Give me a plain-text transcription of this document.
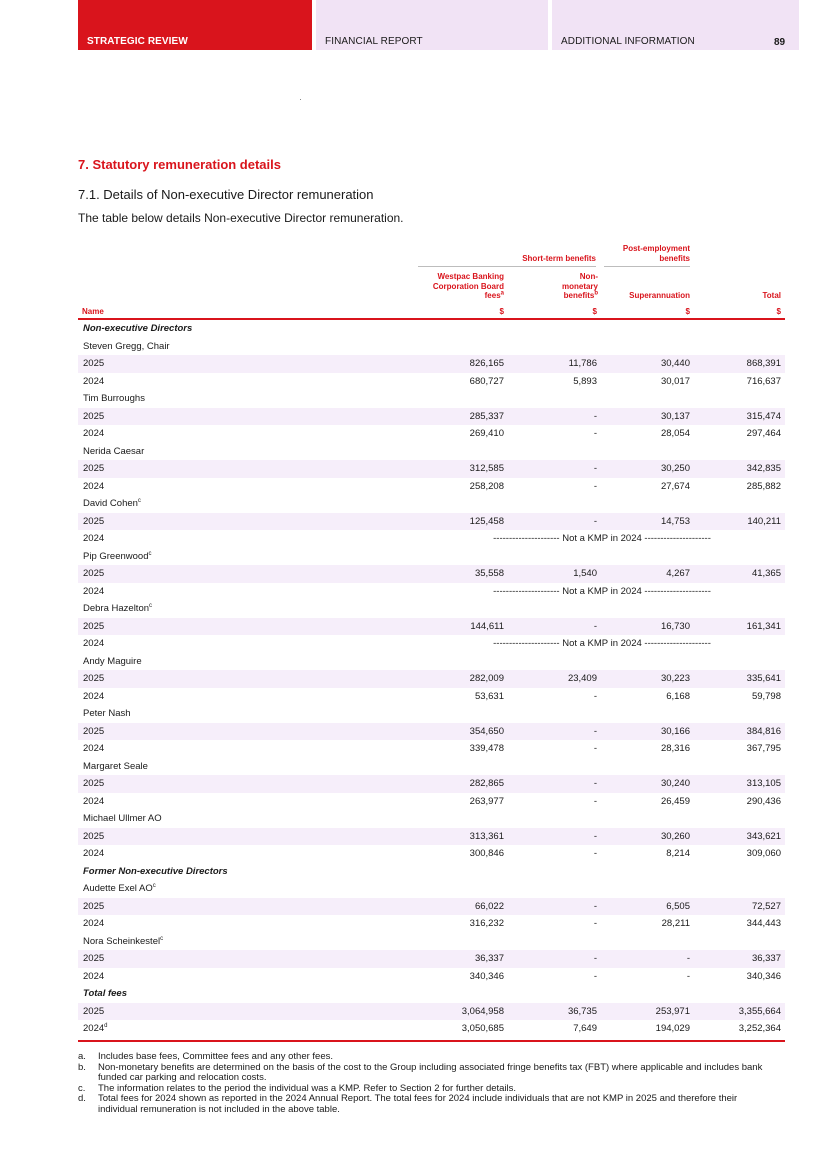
STRATEGIC REVIEW	FINANCIAL REPORT	ADDITIONAL INFORMATION	89
7. Statutory remuneration details
7.1. Details of Non-executive Director remuneration
The table below details Non-executive Director remuneration.
Short-term benefits
Post-employment
benefits
Westpac Banking
Corporation Board
fees$^a$
Non-
monetary
benefits$^b$	Superannuation	Total
Name	$	$	$	$
Non-executive Directors
Steven Gregg, Chair
2025	826,165	11,786	30,440	868,391
2024	680,727	5,893	30,017	716,637
Tim Burroughs
2025	285,337	-	30,137	315,474
2024	269,410	-	28,054	297,464
Nerida Caesar
2025	312,585	-	30,250	342,835
2024	258,208	-	27,674	285,882
David Cohen$^c$
2025	125,458	-	14,753	140,211
2024	--------------------- Not a KMP in 2024 ---------------------
Pip Greenwood$^c$
2025	35,558	1,540	4,267	41,365
2024	--------------------- Not a KMP in 2024 ---------------------
Debra Hazelton$^c$
2025	144,611	-	16,730	161,341
2024	--------------------- Not a KMP in 2024 ---------------------
Andy Maguire
2025	282,009	23,409	30,223	335,641
2024	53,631	-	6,168	59,798
Peter Nash
2025	354,650	-	30,166	384,816
2024	339,478	-	28,316	367,795
Margaret Seale
2025	282,865	-	30,240	313,105
2024	263,977	-	26,459	290,436
Michael Ullmer AO
2025	313,361	-	30,260	343,621
2024	300,846	-	8,214	309,060
Former Non-executive Directors
Audette Exel $AO^c$
2025	66,022	-	6,505	72,527
2024	316,232	-	28,211	344,443
Nora Scheinkestel$^c$
2025	36,337	-	-	36,337
2024	340,346	-	-	340,346
Total fees
2025	3,064,958	36,735	253,971	3,355,664
2024$^d$	3,050,685	7,649	194,029	3,252,364
a. Includes base fees, Committee fees and any other fees.
b. Non-monetary benefits are determined on the basis of the cost to the Group including associated fringe benefits tax (FBT) where applicable and includes bank funded car parking and relocation costs.
c. The information relates to the period the individual was a KMP. Refer to Section 2 for further details.
d. Total fees for 2024 shown as reported in the 2024 Annual Report. The total fees for 2024 include individuals that are not KMP in 2025 and therefore their individual remuneration is not included in the above table.
